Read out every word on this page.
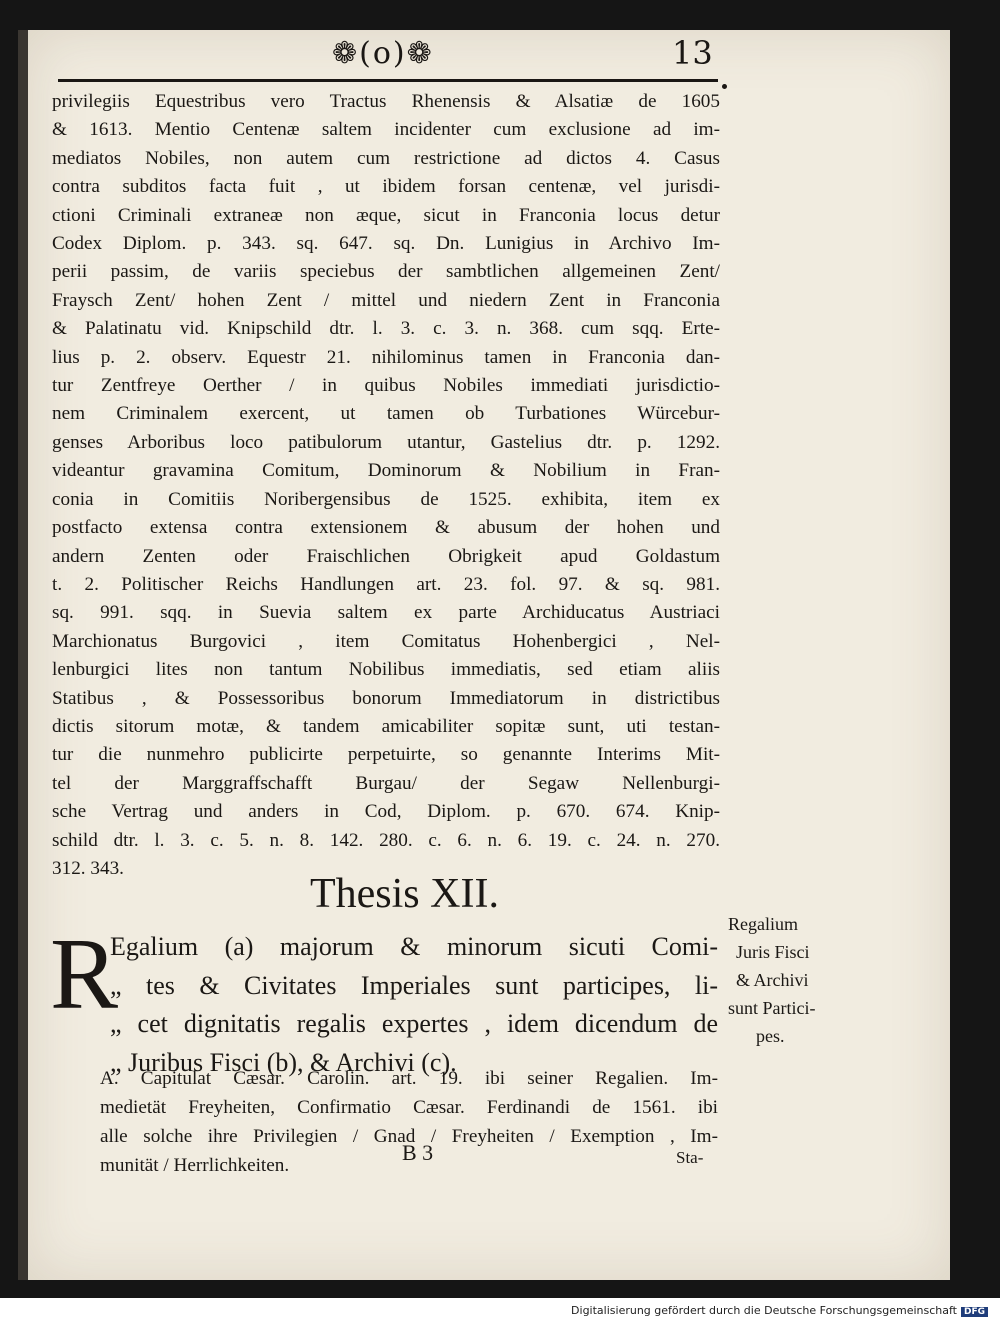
❁(o)❁	13
privilegiis Equestribus vero Tractus Rhenensis & Alsatiæ de 1605
& 1613. Mentio Centenæ saltem incidenter cum exclusione ad im-
mediatos Nobiles, non autem cum restrictione ad dictos 4. Casus
contra subditos facta fuit , ut ibidem forsan centenæ, vel jurisdi-
ctioni Criminali extraneæ non æque, sicut in Franconia locus detur
Codex Diplom. p. 343. sq. 647. sq. Dn. Lunigius in Archivo Im-
perii passim, de variis speciebus der sambtlichen allgemeinen Zent/
Fraysch Zent/ hohen Zent / mittel und niedern Zent in Franconia
& Palatinatu vid. Knipschild dtr. l. 3. c. 3. n. 368. cum sqq. Erte-
lius p. 2. observ. Equestr 21. nihilominus tamen in Franconia dan-
tur Zentfreye Oerther / in quibus Nobiles immediati jurisdictio-
nem Criminalem exercent, ut tamen ob Turbationes Würcebur-
genses Arboribus loco patibulorum utantur, Gastelius dtr. p. 1292.
videantur gravamina Comitum, Dominorum & Nobilium in Fran-
conia in Comitiis Noribergensibus de 1525. exhibita, item ex
postfacto extensa contra extensionem & abusum der hohen und
andern Zenten oder Fraischlichen Obrigkeit apud Goldastum
t. 2. Politischer Reichs Handlungen art. 23. fol. 97. & sq. 981.
sq. 991. sqq. in Suevia saltem ex parte Archiducatus Austriaci
Marchionatus Burgovici , item Comitatus Hohenbergici , Nel-
lenburgici lites non tantum Nobilibus immediatis, sed etiam aliis
Statibus , & Possessoribus bonorum Immediatorum in districtibus
dictis sitorum motæ, & tandem amicabiliter sopitæ sunt, uti testan-
tur die nunmehro publicirte perpetuirte, so genannte Interims Mit-
tel der Marggraffschafft Burgau/ der Segaw Nellenburgi-
sche Vertrag und anders in Cod, Diplom. p. 670. 674. Knip-
schild dtr. l. 3. c. 5. n. 8. 142. 280. c. 6. n. 6. 19. c. 24. n. 270.
312. 343.
Thesis XII.
R
Egalium (a) majorum & minorum sicuti Comi-
„ tes & Civitates Imperiales sunt participes, li-
„ cet dignitatis regalis expertes , idem dicendum de
„ Juribus Fisci (b), & Archivi (c).
Regalium
Juris Fisci
& Archivi
sunt Partici-
pes.
A. Capitulat Cæsar. Carolin. art. 19. ibi seiner Regalien. Im-
medietät Freyheiten, Confirmatio Cæsar. Ferdinandi de 1561. ibi
alle solche ihre Privilegien / Gnad / Freyheiten / Exemption , Im-
munität / Herrlichkeiten.
B 3	Sta-
Digitalisierung gefördert durch die Deutsche Forschungsgemeinschaft DFG
